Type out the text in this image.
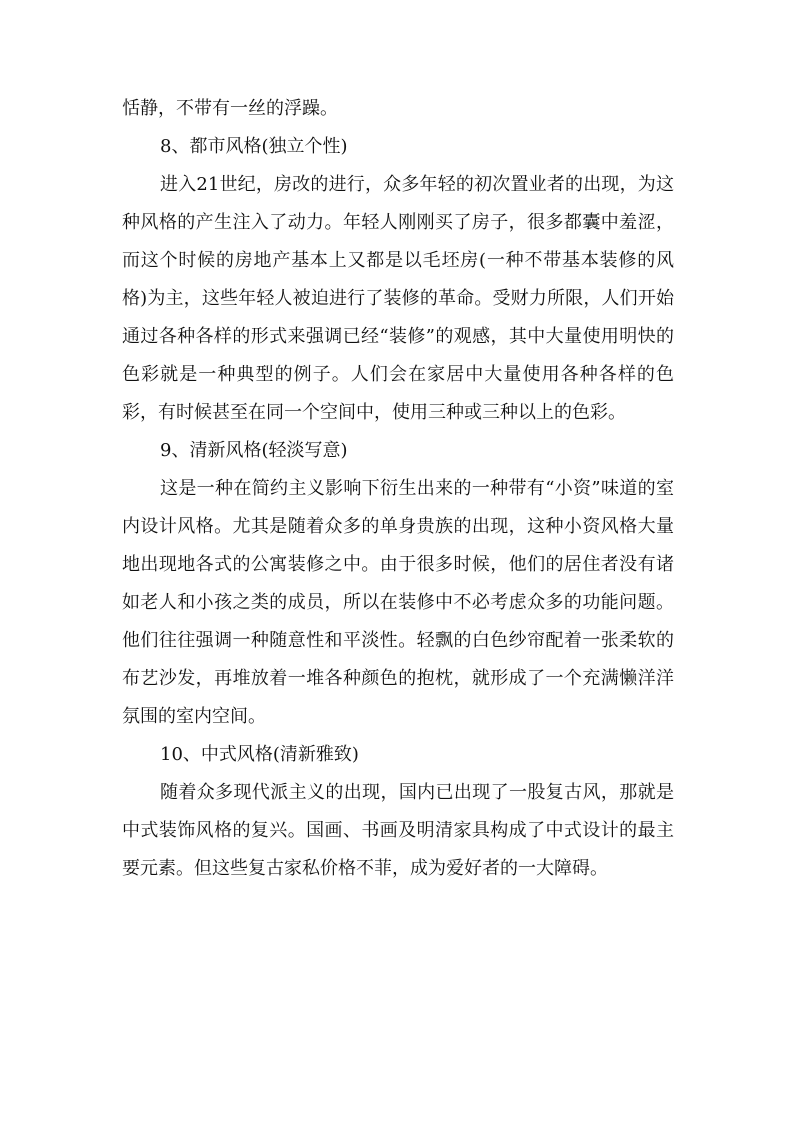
恬静，不带有一丝的浮躁。

8、都市风格(独立个性)

进入21世纪，房改的进行，众多年轻的初次置业者的出现，为这种风格的产生注入了动力。年轻人刚刚买了房子，很多都囊中羞涩，而这个时候的房地产基本上又都是以毛坯房(一种不带基本装修的风格)为主，这些年轻人被迫进行了装修的革命。受财力所限，人们开始通过各种各样的形式来强调已经“装修”的观感，其中大量使用明快的色彩就是一种典型的例子。人们会在家居中大量使用各种各样的色彩，有时候甚至在同一个空间中，使用三种或三种以上的色彩。

9、清新风格(轻淡写意)

这是一种在简约主义影响下衍生出来的一种带有“小资”味道的室内设计风格。尤其是随着众多的单身贵族的出现，这种小资风格大量地出现地各式的公寓装修之中。由于很多时候，他们的居住者没有诸如老人和小孩之类的成员，所以在装修中不必考虑众多的功能问题。他们往往强调一种随意性和平淡性。轻飘的白色纱帘配着一张柔软的布艺沙发，再堆放着一堆各种颜色的抱枕，就形成了一个充满懒洋洋氛围的室内空间。

10、中式风格(清新雅致)

随着众多现代派主义的出现，国内已出现了一股复古风，那就是中式装饰风格的复兴。国画、书画及明清家具构成了中式设计的最主要元素。但这些复古家私价格不菲，成为爱好者的一大障碍。
